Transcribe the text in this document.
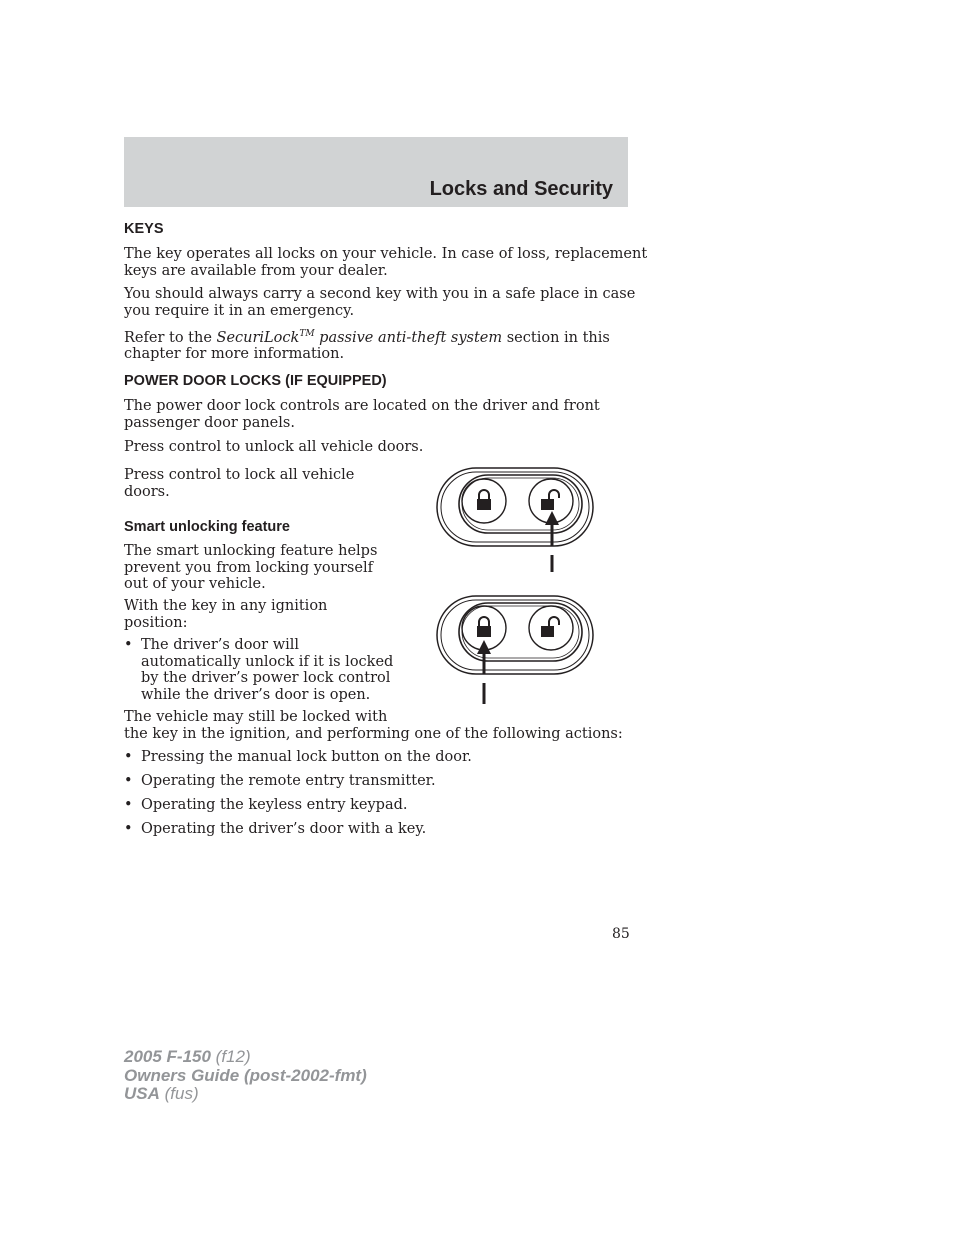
Locks and Security
KEYS
The key operates all locks on your vehicle. In case of loss, replacement
keys are available from your dealer.
You should always carry a second key with you in a safe place in case
you require it in an emergency.
Refer to the SecuriLock™ passive anti-theft system section in this
chapter for more information.
POWER DOOR LOCKS (IF EQUIPPED)
The power door lock controls are located on the driver and front
passenger door panels.
Press control to unlock all vehicle doors.
Press control to lock all vehicle
doors.
Smart unlocking feature
The smart unlocking feature helps
prevent you from locking yourself
out of your vehicle.
With the key in any ignition
position:
• The driver’s door will
automatically unlock if it is locked
by the driver’s power lock control
while the driver’s door is open.
The vehicle may still be locked with
the key in the ignition, and performing one of the following actions:
• Pressing the manual lock button on the door.
• Operating the remote entry transmitter.
• Operating the keyless entry keypad.
• Operating the driver’s door with a key.
85
2005 F-150 (f12)
Owners Guide (post-2002-fmt)
USA (fus)
